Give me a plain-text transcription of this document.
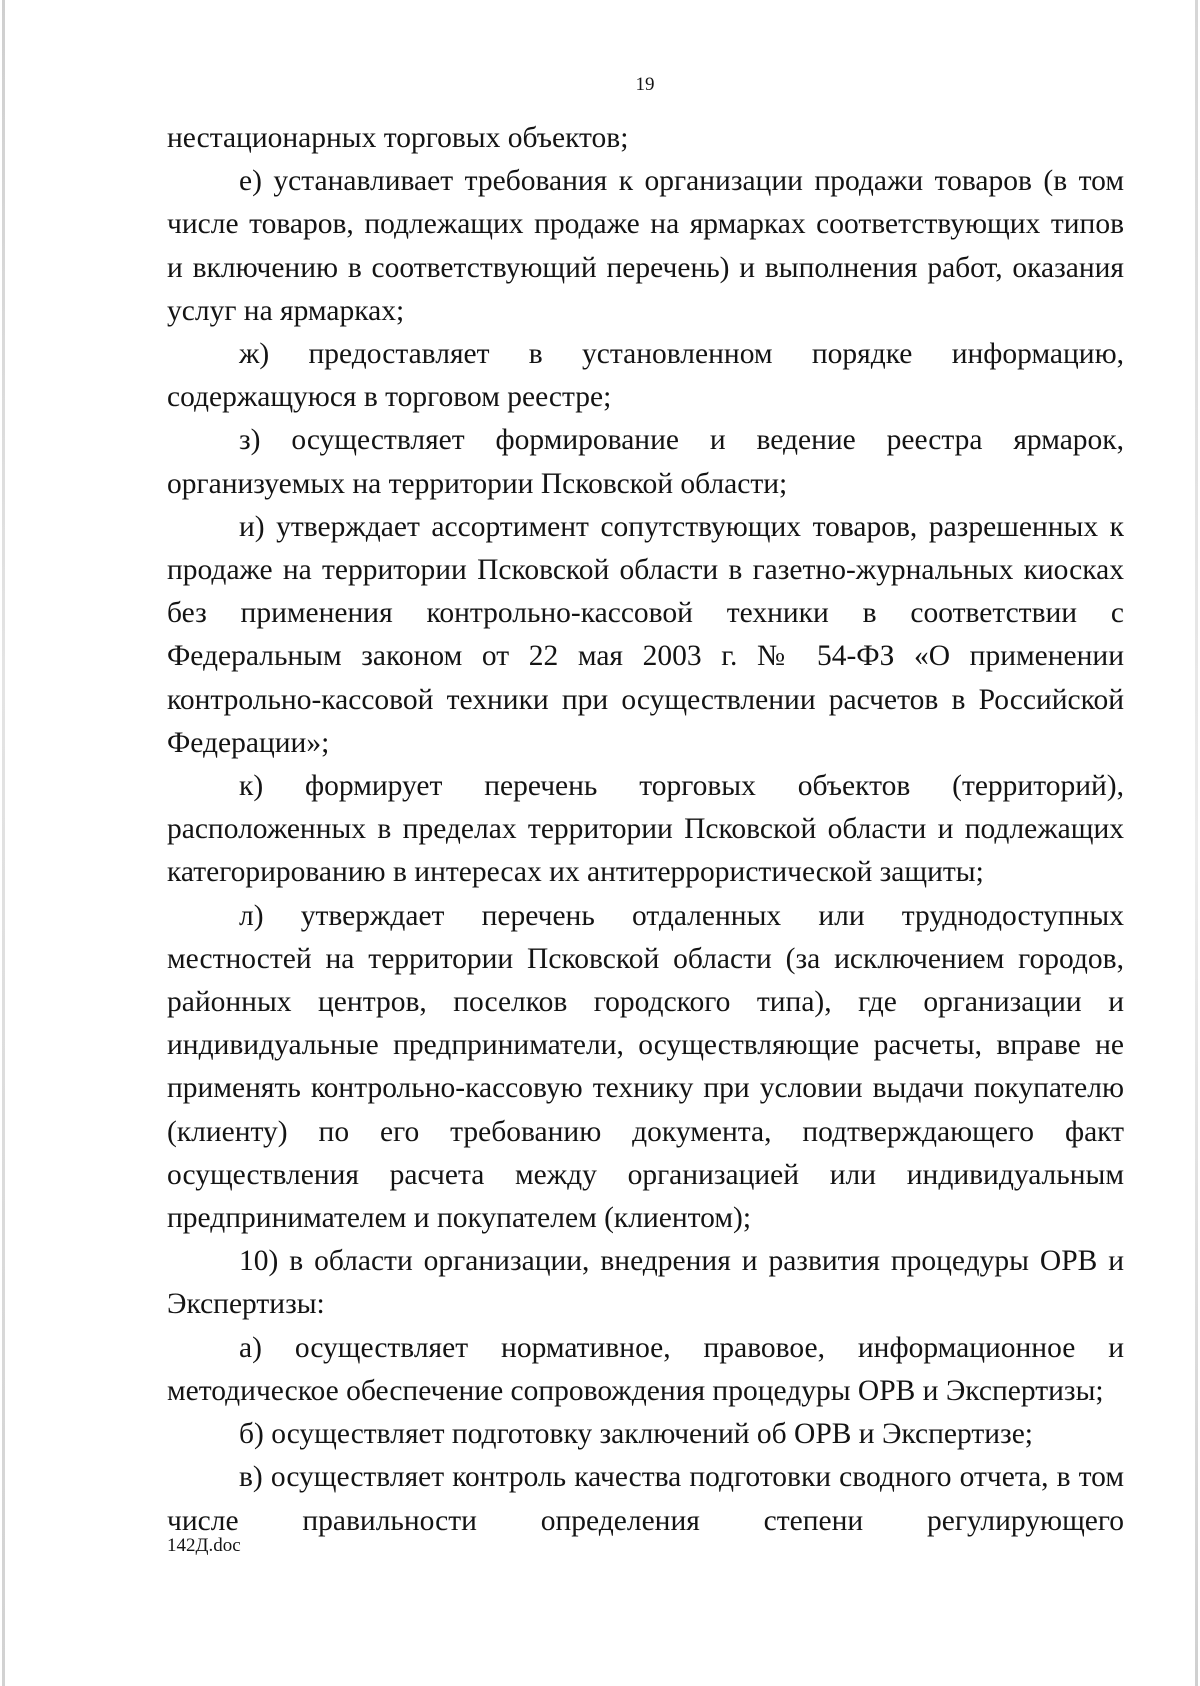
19

нестационарных торговых объектов;

е) устанавливает требования к организации продажи товаров (в том числе товаров, подлежащих продаже на ярмарках соответствующих типов и включению в соответствующий перечень) и выполнения работ, оказания услуг на ярмарках;

ж) предоставляет в установленном порядке информацию, содержащуюся в торговом реестре;

з) осуществляет формирование и ведение реестра ярмарок, организуемых на территории Псковской области;

и) утверждает ассортимент сопутствующих товаров, разрешенных к продаже на территории Псковской области в газетно-журнальных киосках без применения контрольно-кассовой техники в соответствии с Федеральным законом от 22 мая 2003 г. № 54-ФЗ «О применении контрольно-кассовой техники при осуществлении расчетов в Российской Федерации»;

к) формирует перечень торговых объектов (территорий), расположенных в пределах территории Псковской области и подлежащих категорированию в интересах их антитеррористической защиты;

л) утверждает перечень отдаленных или труднодоступных местностей на территории Псковской области (за исключением городов, районных центров, поселков городского типа), где организации и индивидуальные предприниматели, осуществляющие расчеты, вправе не применять контрольно-кассовую технику при условии выдачи покупателю (клиенту) по его требованию документа, подтверждающего факт осуществления расчета между организацией или индивидуальным предпринимателем и покупателем (клиентом);

10) в области организации, внедрения и развития процедуры ОРВ и Экспертизы:

а) осуществляет нормативное, правовое, информационное и методическое обеспечение сопровождения процедуры ОРВ и Экспертизы;

б) осуществляет подготовку заключений об ОРВ и Экспертизе;

в) осуществляет контроль качества подготовки сводного отчета, в том числе правильности определения степени регулирующего

142Д.doc
